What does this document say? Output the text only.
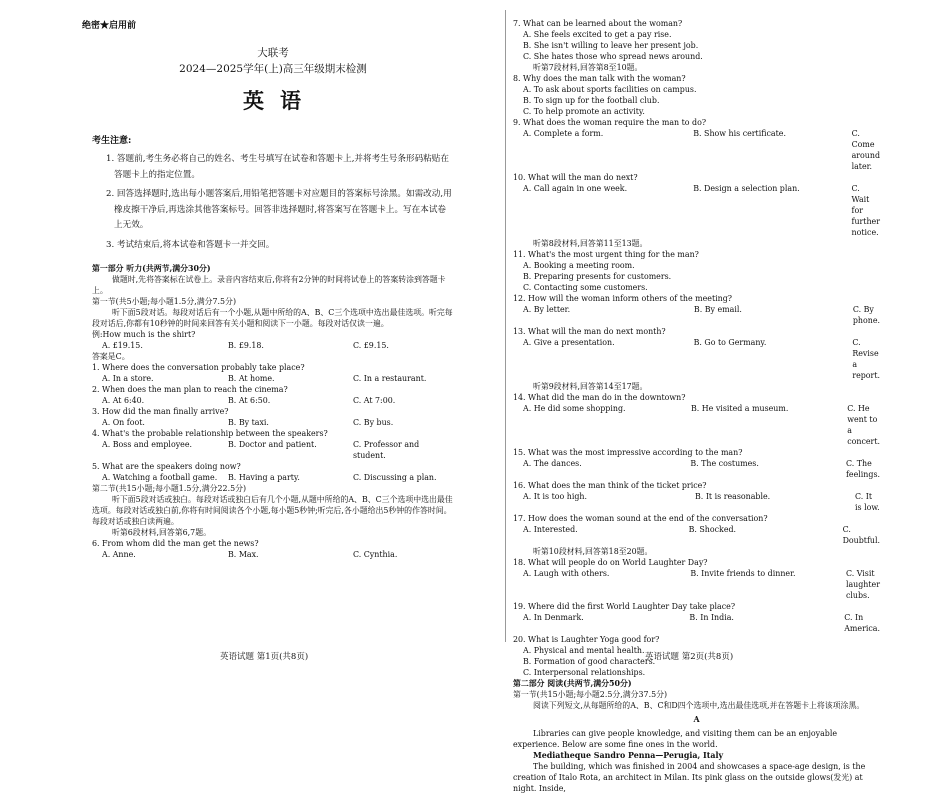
绝密★启用前
大联考
2024—2025学年(上)高三年级期末检测
英语
考生注意:
1. 答题前,考生务必将自己的姓名、考生号填写在试卷和答题卡上,并将考生号条形码粘贴在答题卡上的指定位置。
2. 回答选择题时,选出每小题答案后,用铅笔把答题卡对应题目的答案标号涂黑。如需改动,用橡皮擦干净后,再选涂其他答案标号。回答非选择题时,将答案写在答题卡上。写在本试卷上无效。
3. 考试结束后,将本试卷和答题卡一并交回。
第一部分 听力(共两节,满分30分)
做题时,先将答案标在试卷上。录音内容结束后,你将有2分钟的时间将试卷上的答案转涂到答题卡上。
第一节(共5小题;每小题1.5分,满分7.5分)
听下面5段对话。每段对话后有一个小题,从题中所给的A、B、C三个选项中选出最佳选项。听完每段对话后,你都有10秒钟的时间来回答有关小题和阅读下一小题。每段对话仅读一遍。
例:How much is the shirt?
A. £19.15.	B. £9.18.	C. £9.15.
答案是C。
1. Where does the conversation probably take place?
A. In a store.	B. At home.	C. In a restaurant.
2. When does the man plan to reach the cinema?
A. At 6:40.	B. At 6:50.	C. At 7:00.
3. How did the man finally arrive?
A. On foot.	B. By taxi.	C. By bus.
4. What's the probable relationship between the speakers?
A. Boss and employee.	B. Doctor and patient.	C. Professor and student.
5. What are the speakers doing now?
A. Watching a football game.	B. Having a party.	C. Discussing a plan.
第二节(共15小题;每小题1.5分,满分22.5分)
听下面5段对话或独白。每段对话或独白后有几个小题,从题中所给的A、B、C三个选项中选出最佳选项。每段对话或独白前,你将有时间阅读各个小题,每小题5秒钟;听完后,各小题给出5秒钟的作答时间。每段对话或独白读两遍。
听第6段材料,回答第6,7题。
6. From whom did the man get the news?
A. Anne.	B. Max.	C. Cynthia.
英语试题 第1页(共8页)
7. What can be learned about the woman?
A. She feels excited to get a pay rise.
B. She isn't willing to leave her present job.
C. She hates those who spread news around.
听第7段材料,回答第8至10题。
8. Why does the man talk with the woman?
A. To ask about sports facilities on campus.
B. To sign up for the football club.
C. To help promote an activity.
9. What does the woman require the man to do?
A. Complete a form.	B. Show his certificate.	C. Come around later.
10. What will the man do next?
A. Call again in one week.	B. Design a selection plan.	C. Wait for further notice.
听第8段材料,回答第11至13题。
11. What's the most urgent thing for the man?
A. Booking a meeting room.
B. Preparing presents for customers.
C. Contacting some customers.
12. How will the woman inform others of the meeting?
A. By letter.	B. By email.	C. By phone.
13. What will the man do next month?
A. Give a presentation.	B. Go to Germany.	C. Revise a report.
听第9段材料,回答第14至17题。
14. What did the man do in the downtown?
A. He did some shopping.	B. He visited a museum.	C. He went to a concert.
15. What was the most impressive according to the man?
A. The dances.	B. The costumes.	C. The feelings.
16. What does the man think of the ticket price?
A. It is too high.	B. It is reasonable.	C. It is low.
17. How does the woman sound at the end of the conversation?
A. Interested.	B. Shocked.	C. Doubtful.
听第10段材料,回答第18至20题。
18. What will people do on World Laughter Day?
A. Laugh with others.	B. Invite friends to dinner.	C. Visit laughter clubs.
19. Where did the first World Laughter Day take place?
A. In Denmark.	B. In India.	C. In America.
20. What is Laughter Yoga good for?
A. Physical and mental health.
B. Formation of good characters.
C. Interpersonal relationships.
第二部分 阅读(共两节,满分50分)
第一节(共15小题;每小题2.5分,满分37.5分)
阅读下列短文,从每题所给的A、B、C和D四个选项中,选出最佳选项,并在答题卡上将该项涂黑。
A
Libraries can give people knowledge, and visiting them can be an enjoyable experience. Below are some fine ones in the world.
Mediatheque Sandro Penna—Perugia, Italy
The building, which was finished in 2004 and showcases a space-age design, is the creation of Italo Rota, an architect in Milan. Its pink glass on the outside glows(发光) at night. Inside,
英语试题 第2页(共8页)
